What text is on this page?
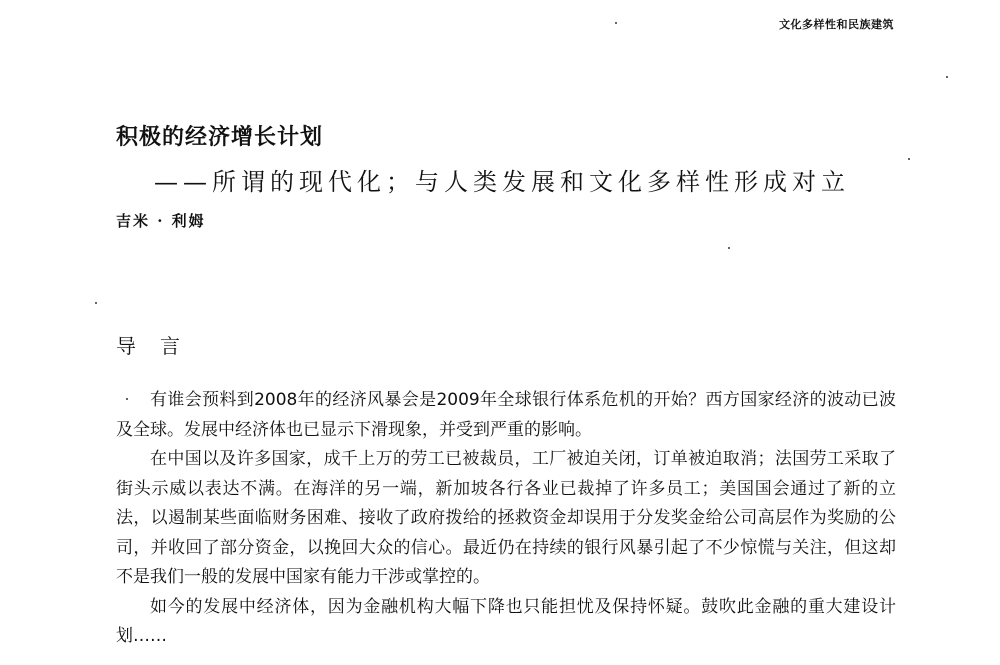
文化多样性和民族建筑
积极的经济增长计划
——所谓的现代化；与人类发展和文化多样性形成对立
吉米 · 利姆
导言

有谁会预料到2008年的经济风暴会是2009年全球银行体系危机的开始？西方国家经济的波动已波及全球。发展中经济体也已显示下滑现象，并受到严重的影响。

在中国以及许多国家，成千上万的劳工已被裁员，工厂被迫关闭，订单被迫取消；法国劳工采取了街头示威以表达不满。在海洋的另一端，新加坡各行各业已裁掉了许多员工；美国国会通过了新的立法，以遏制某些面临财务困难、接收了政府拨给的拯救资金却误用于分发奖金给公司高层作为奖励的公司，并收回了部分资金，以挽回大众的信心。最近仍在持续的银行风暴引起了不少惊慌与关注，但这却不是我们一般的发展中国家有能力干涉或掌控的。

如今的发展中经济体，因为金融机构大幅下降也只能担忧及保持怀疑。鼓吹此金融的重大建设计划……
